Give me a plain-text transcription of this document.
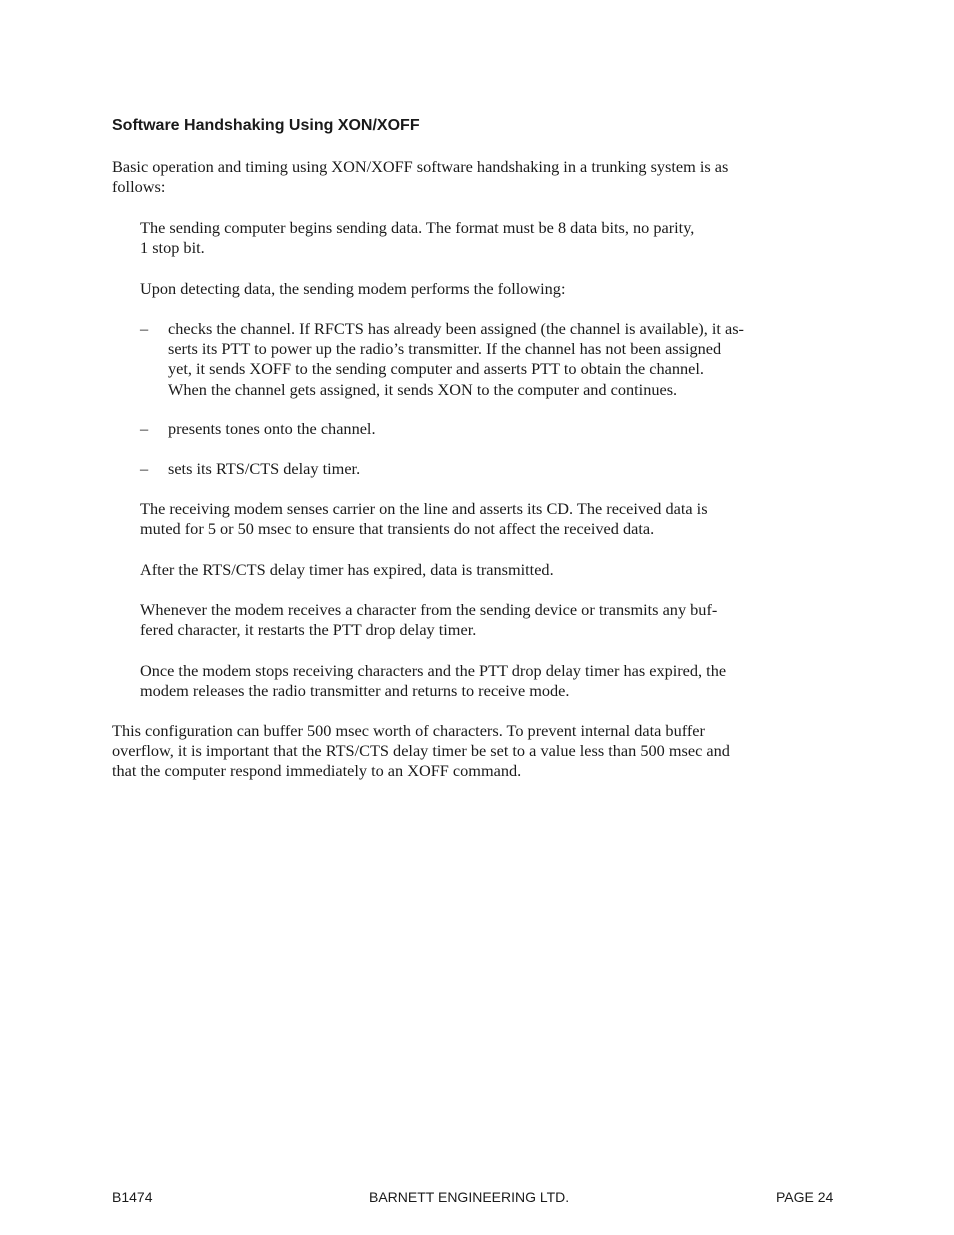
Software Handshaking Using XON/XOFF

Basic operation and timing using XON/XOFF software handshaking in a trunking system is as
follows:

The sending computer begins sending data. The format must be 8 data bits, no parity,
1 stop bit.

Upon detecting data, the sending modem performs the following:

– checks the channel. If RFCTS has already been assigned (the channel is available), it as-
serts its PTT to power up the radio’s transmitter. If the channel has not been assigned
yet, it sends XOFF to the sending computer and asserts PTT to obtain the channel.
When the channel gets assigned, it sends XON to the computer and continues.

– presents tones onto the channel.

– sets its RTS/CTS delay timer.

The receiving modem senses carrier on the line and asserts its CD. The received data is
muted for 5 or 50 msec to ensure that transients do not affect the received data.

After the RTS/CTS delay timer has expired, data is transmitted.

Whenever the modem receives a character from the sending device or transmits any buf-
fered character, it restarts the PTT drop delay timer.

Once the modem stops receiving characters and the PTT drop delay timer has expired, the
modem releases the radio transmitter and returns to receive mode.

This configuration can buffer 500 msec worth of characters. To prevent internal data buffer
overflow, it is important that the RTS/CTS delay timer be set to a value less than 500 msec and
that the computer respond immediately to an XOFF command.

B1474	BARNETT ENGINEERING LTD.	PAGE 24
